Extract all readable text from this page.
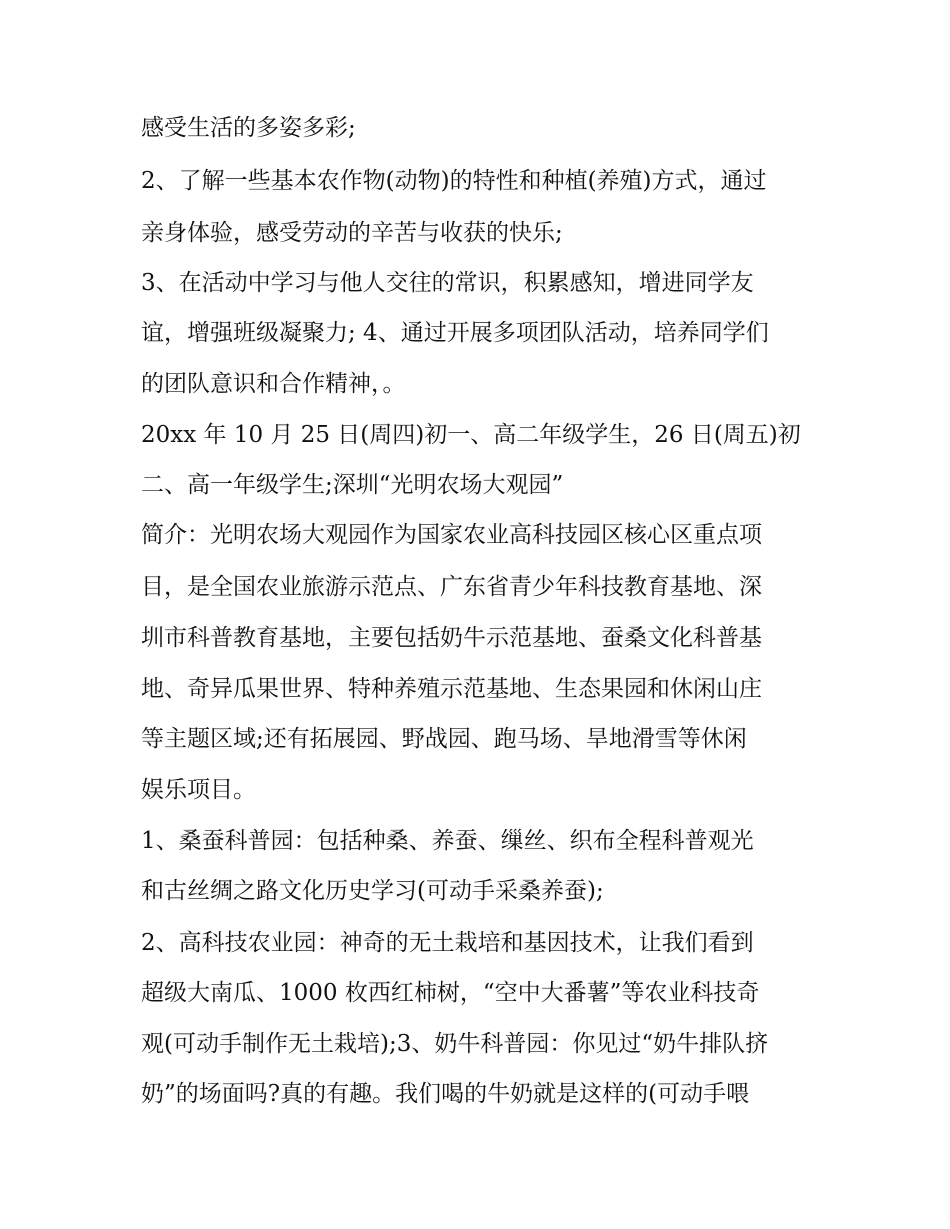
感受生活的多姿多彩;
2、了解一些基本农作物(动物)的特性和种植(养殖)方式，通过
亲身体验，感受劳动的辛苦与收获的快乐;
3、在活动中学习与他人交往的常识，积累感知，增进同学友
谊，增强班级凝聚力; 4、通过开展多项团队活动，培养同学们
的团队意识和合作精神，。
20xx 年 10 月 25 日(周四)初一、高二年级学生，26 日(周五)初
二、高一年级学生;深圳“光明农场大观园”
简介：光明农场大观园作为国家农业高科技园区核心区重点项
目，是全国农业旅游示范点、广东省青少年科技教育基地、深
圳市科普教育基地，主要包括奶牛示范基地、蚕桑文化科普基
地、奇异瓜果世界、特种养殖示范基地、生态果园和休闲山庄
等主题区域;还有拓展园、野战园、跑马场、旱地滑雪等休闲
娱乐项目。
1、桑蚕科普园：包括种桑、养蚕、缫丝、织布全程科普观光
和古丝绸之路文化历史学习(可动手采桑养蚕);
2、高科技农业园：神奇的无土栽培和基因技术，让我们看到
超级大南瓜、1000 枚西红柿树，“空中大番薯”等农业科技奇
观(可动手制作无土栽培);3、奶牛科普园：你见过“奶牛排队挤
奶”的场面吗?真的有趣。我们喝的牛奶就是这样的(可动手喂
